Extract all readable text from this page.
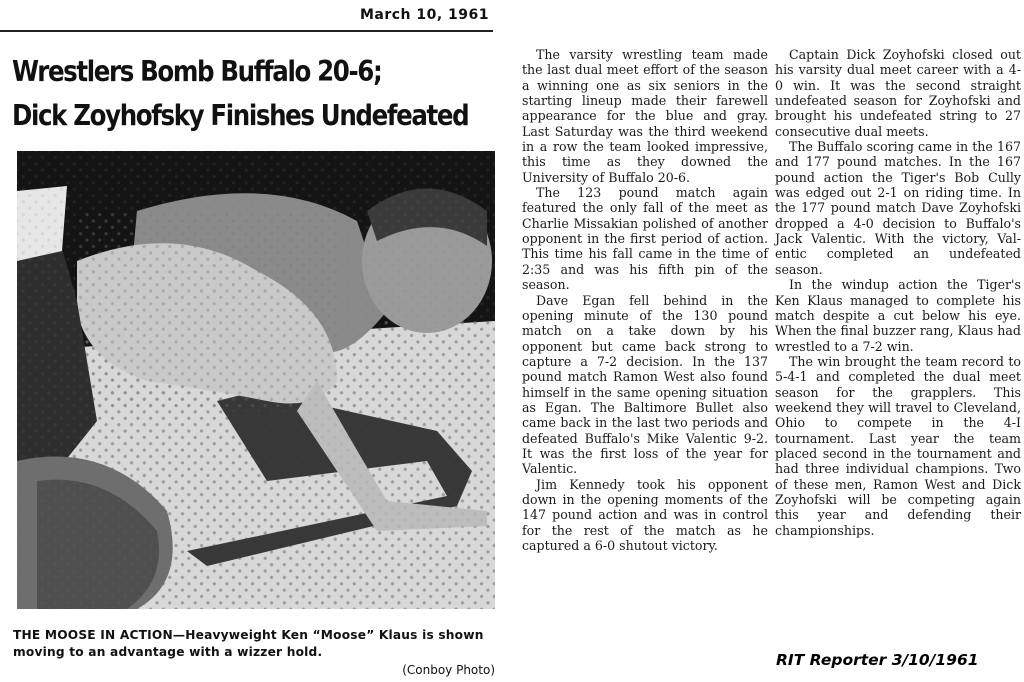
March 10, 1961
Wrestlers Bomb Buffalo 20-6;
Dick Zoyhofsky Finishes Undefeated
THE MOOSE IN ACTION—Heavyweight Ken “Moose” Klaus is shown moving to an advantage with a wizzer hold.
(Conboy Photo)

The varsity wrestling team made the last dual meet effort of the season a winning one as six seniors in the starting lineup made their farewell appearance for the blue and gray. Last Saturday was the third weekend in a row the team looked impressive, this time as they downed the University of Buffalo 20-6.

The 123 pound match again featured the only fall of the meet as Charlie Missakian polished of another opponent in the first period of action. This time his fall came in the time of 2:35 and was his fifth pin of the season.

Dave Egan fell behind in the opening minute of the 130 pound match on a take down by his opponent but came back strong to capture a 7-2 decision. In the 137 pound match Ramon West also found himself in the same opening situation as Egan. The Baltimore Bullet also came back in the last two periods and defeated Buffalo's Mike Valentic 9-2. It was the first loss of the year for Valentic.

Jim Kennedy took his opponent down in the opening moments of the 147 pound action and was in control for the rest of the match as he captured a 6-0 shutout victory.

Captain Dick Zoyhofski closed out his varsity dual meet career with a 4-0 win. It was the second straight undefeated season for Zoyhofski and brought his undefeated string to 27 consecutive dual meets.

The Buffalo scoring came in the 167 and 177 pound matches. In the 167 pound action the Tiger's Bob Cully was edged out 2-1 on riding time. In the 177 pound match Dave Zoyhofski dropped a 4-0 decision to Buffalo's Jack Valentic. With the victory, Valentic completed an undefeated season.

In the windup action the Tiger's Ken Klaus managed to complete his match despite a cut below his eye. When the final buzzer rang, Klaus had wrestled to a 7-2 win.

The win brought the team record to 5-4-1 and completed the dual meet season for the grapplers. This weekend they will travel to Cleveland, Ohio to compete in the 4-I tournament. Last year the team placed second in the tournament and had three individual champions. Two of these men, Ramon West and Dick Zoyhofski will be competing again this year and defending their championships.

RIT Reporter 3/10/1961
